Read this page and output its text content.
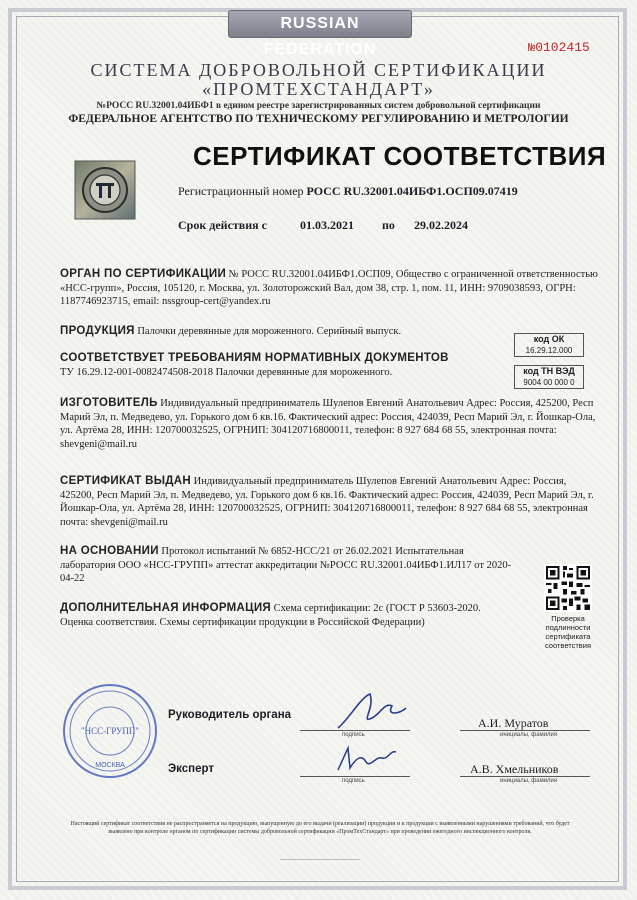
RUSSIAN FEDERATION	№0102415
СИСТЕМА ДОБРОВОЛЬНОЙ СЕРТИФИКАЦИИ
«ПРОМТЕХСТАНДАРТ»
№РОСС RU.32001.04ИБФ1 в едином реестре зарегистрированных систем добровольной сертификации
ФЕДЕРАЛЬНОЕ АГЕНТСТВО ПО ТЕХНИЧЕСКОМУ РЕГУЛИРОВАНИЮ И МЕТРОЛОГИИ
СЕРТИФИКАТ СООТВЕТСТВИЯ
Регистрационный номер РОСС RU.32001.04ИБФ1.ОСП09.07419
Срок действия с	01.03.2021 по 29.02.2024
ОРГАН ПО СЕРТИФИКАЦИИ № РОСС RU.32001.04ИБФ1.ОСП09, Общество с ограниченной ответственностью «НСС-групп», Россия, 105120, г. Москва, ул. Золоторожский Вал, дом 38, стр. 1, пом. 11, ИНН: 9709038593, ОГРН: 1187746923715, email: nssgroup-cert@yandex.ru
ПРОДУКЦИЯ Палочки деревянные для мороженного. Серийный выпуск.
код ОК
16.29.12.000
код ТН ВЭД
9004 00 000 0
СООТВЕТСТВУЕТ ТРЕБОВАНИЯМ НОРМАТИВНЫХ ДОКУМЕНТОВ
ТУ 16.29.12-001-0082474508-2018 Палочки деревянные для мороженного.
ИЗГОТОВИТЕЛЬ Индивидуальный предприниматель Шулепов Евгений Анатольевич Адрес: Россия, 425200, Респ Марий Эл, п. Медведево, ул. Горького дом 6 кв.16. Фактический адрес: Россия, 424039, Респ Марий Эл, г. Йошкар-Ола, ул. Артёма 28, ИНН: 120700032525, ОГРНИП: 304120716800011, телефон: 8 927 684 68 55, электронная почта: shevgeni@mail.ru
СЕРТИФИКАТ ВЫДАН Индивидуальный предприниматель Шулепов Евгений Анатольевич Адрес: Россия, 425200, Респ Марий Эл, п. Медведево, ул. Горького дом 6 кв.16. Фактический адрес: Россия, 424039, Респ Марий Эл, г. Йошкар-Ола, ул. Артёма 28, ИНН: 120700032525, ОГРНИП: 304120716800011, телефон: 8 927 684 68 55, электронная почта: shevgeni@mail.ru
НА ОСНОВАНИИ Протокол испытаний № 6852-НСС/21 от 26.02.2021 Испытательная лаборатория ООО «НСС-ГРУПП» аттестат аккредитации №РОСС RU.32001.04ИБФ1.ИЛ17 от 2020-04-22
ДОПОЛНИТЕЛЬНАЯ ИНФОРМАЦИЯ Схема сертификации: 2с (ГОСТ Р 53603-2020. Оценка соответствия. Схемы сертификации продукции в Российской Федерации)	Проверка подлинности сертификата соответствия
"НСС-ГРУПП"
МОСКВА
Руководитель органа
подпись
А.И. Муратов
инициалы, фамилия
Эксперт
подпись
А.В. Хмельников
инициалы, фамилия
Настоящий сертификат соответствия не распространяется на продукцию, выпущенную до его выдачи (реализации) продукции и к продукции с выявленными нарушениями требований, что будет выявлено при контроле органом по сертификации системы добровольной сертификации «ПромТехСтандарт» при проведении ежегодного инспекционного контроля.
